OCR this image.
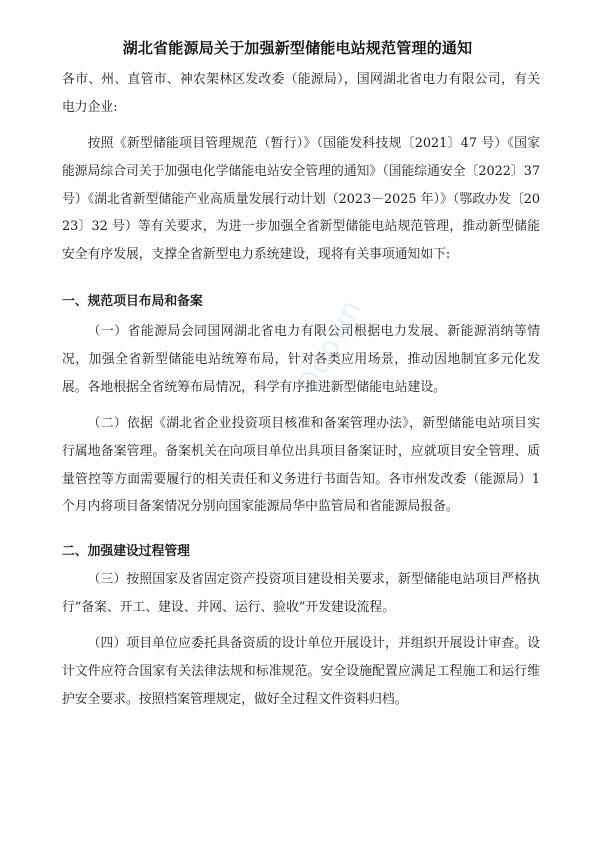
湖北省能源局关于加强新型储能电站规范管理的通知
各市、州、直管市、神农架林区发改委（能源局），国网湖北省电力有限公司，有关电力企业:
按照《新型储能项目管理规范（暂行）》（国能发科技规〔2021〕47 号）《国家能源局综合司关于加强电化学储能电站安全管理的通知》（国能综通安全〔2022〕37 号）《湖北省新型储能产业高质量发展行动计划（2023－2025 年）》（鄂政办发〔2023〕32 号）等有关要求，为进一步加强全省新型储能电站规范管理，推动新型储能安全有序发展，支撑全省新型电力系统建设，现将有关事项通知如下:
一、规范项目布局和备案
（一）省能源局会同国网湖北省电力有限公司根据电力发展、新能源消纳等情况，加强全省新型储能电站统筹布局，针对各类应用场景，推动因地制宜多元化发展。各地根据全省统筹布局情况，科学有序推进新型储能电站建设。
（二）依据《湖北省企业投资项目核准和备案管理办法》，新型储能电站项目实行属地备案管理。备案机关在向项目单位出具项目备案证时，应就项目安全管理、质量管控等方面需要履行的相关责任和义务进行书面告知。各市州发改委（能源局）1 个月内将项目备案情况分别向国家能源局华中监管局和省能源局报备。
二、加强建设过程管理
（三）按照国家及省固定资产投资项目建设相关要求，新型储能电站项目严格执行“备案、开工、建设、并网、运行、验收”开发建设流程。
（四）项目单位应委托具备资质的设计单位开展设计，并组织开展设计审查。设计文件应符合国家有关法律法规和标准规范。安全设施配置应满足工程施工和运行维护安全要求。按照档案管理规定，做好全过程文件资料归档。
Odown
